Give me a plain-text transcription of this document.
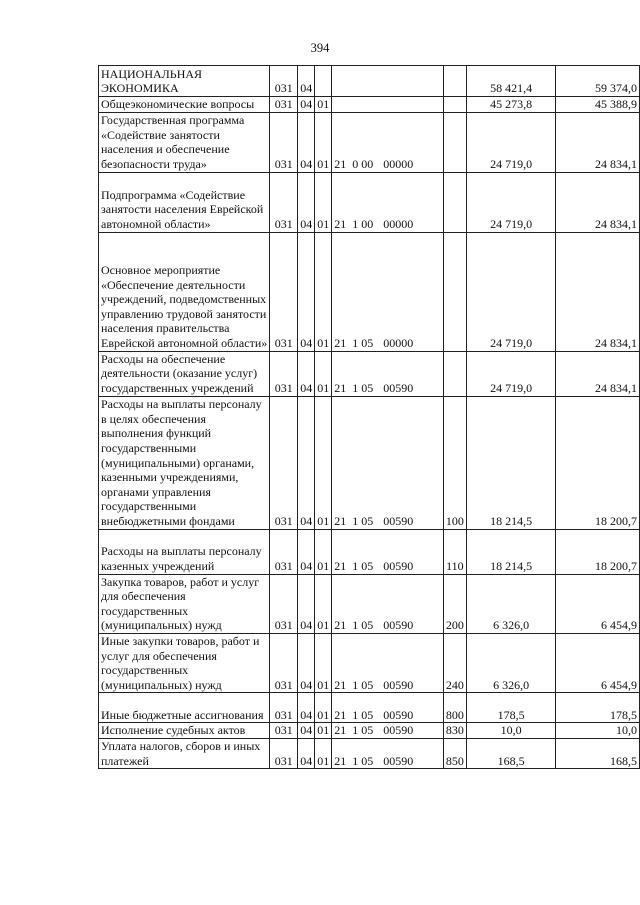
394
НАЦИОНАЛЬНАЯ ЭКОНОМИКА	031	04				58 421,4	59 374,0
Общеэкономические вопросы	031	04	01			45 273,8	45 388,9
Государственная программа «Содействие занятости населения и обеспечение безопасности труда»	031	04	01	21 0 00 00000		24 719,0	24 834,1
Подпрограмма «Содействие занятости населения Еврейской автономной области»	031	04	01	21 1 00 00000		24 719,0	24 834,1
Основное мероприятие «Обеспечение деятельности учреждений, подведомственных управлению трудовой занятости населения правительства Еврейской автономной области»	031	04	01	21 1 05 00000		24 719,0	24 834,1
Расходы на обеспечение деятельности (оказание услуг) государственных учреждений	031	04	01	21 1 05 00590		24 719,0	24 834,1
Расходы на выплаты персоналу в целях обеспечения выполнения функций государственными (муниципальными) органами, казенными учреждениями, органами управления государственными внебюджетными фондами	031	04	01	21 1 05 00590	100	18 214,5	18 200,7
Расходы на выплаты персоналу казенных учреждений	031	04	01	21 1 05 00590	110	18 214,5	18 200,7
Закупка товаров, работ и услуг для обеспечения государственных (муниципальных) нужд	031	04	01	21 1 05 00590	200	6 326,0	6 454,9
Иные закупки товаров, работ и услуг для обеспечения государственных (муниципальных) нужд	031	04	01	21 1 05 00590	240	6 326,0	6 454,9
Иные бюджетные ассигнования	031	04	01	21 1 05 00590	800	178,5	178,5
Исполнение судебных актов	031	04	01	21 1 05 00590	830	10,0	10,0
Уплата налогов, сборов и иных платежей	031	04	01	21 1 05 00590	850	168,5	168,5
